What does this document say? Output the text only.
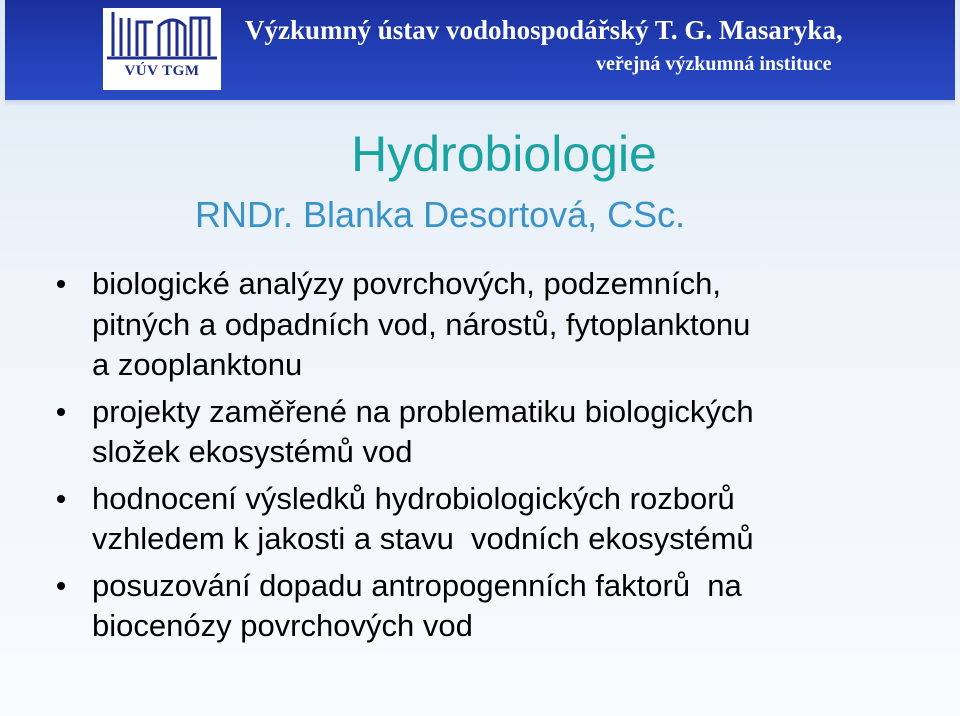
VÚV TGM
Výzkumný ústav vodohospodářský T. G. Masaryka,
veřejná výzkumná instituce
Hydrobiologie
RNDr. Blanka Desortová, CSc.
biologické analýzy povrchových, podzemních,
pitných a odpadních vod, nárostů, fytoplanktonu
a zooplanktonu
projekty zaměřené na problematiku biologických
složek ekosystémů vod
hodnocení výsledků hydrobiologických rozborů
vzhledem k jakosti a stavu  vodních ekosystémů
posuzování dopadu antropogenních faktorů  na
biocenózy povrchových vod
